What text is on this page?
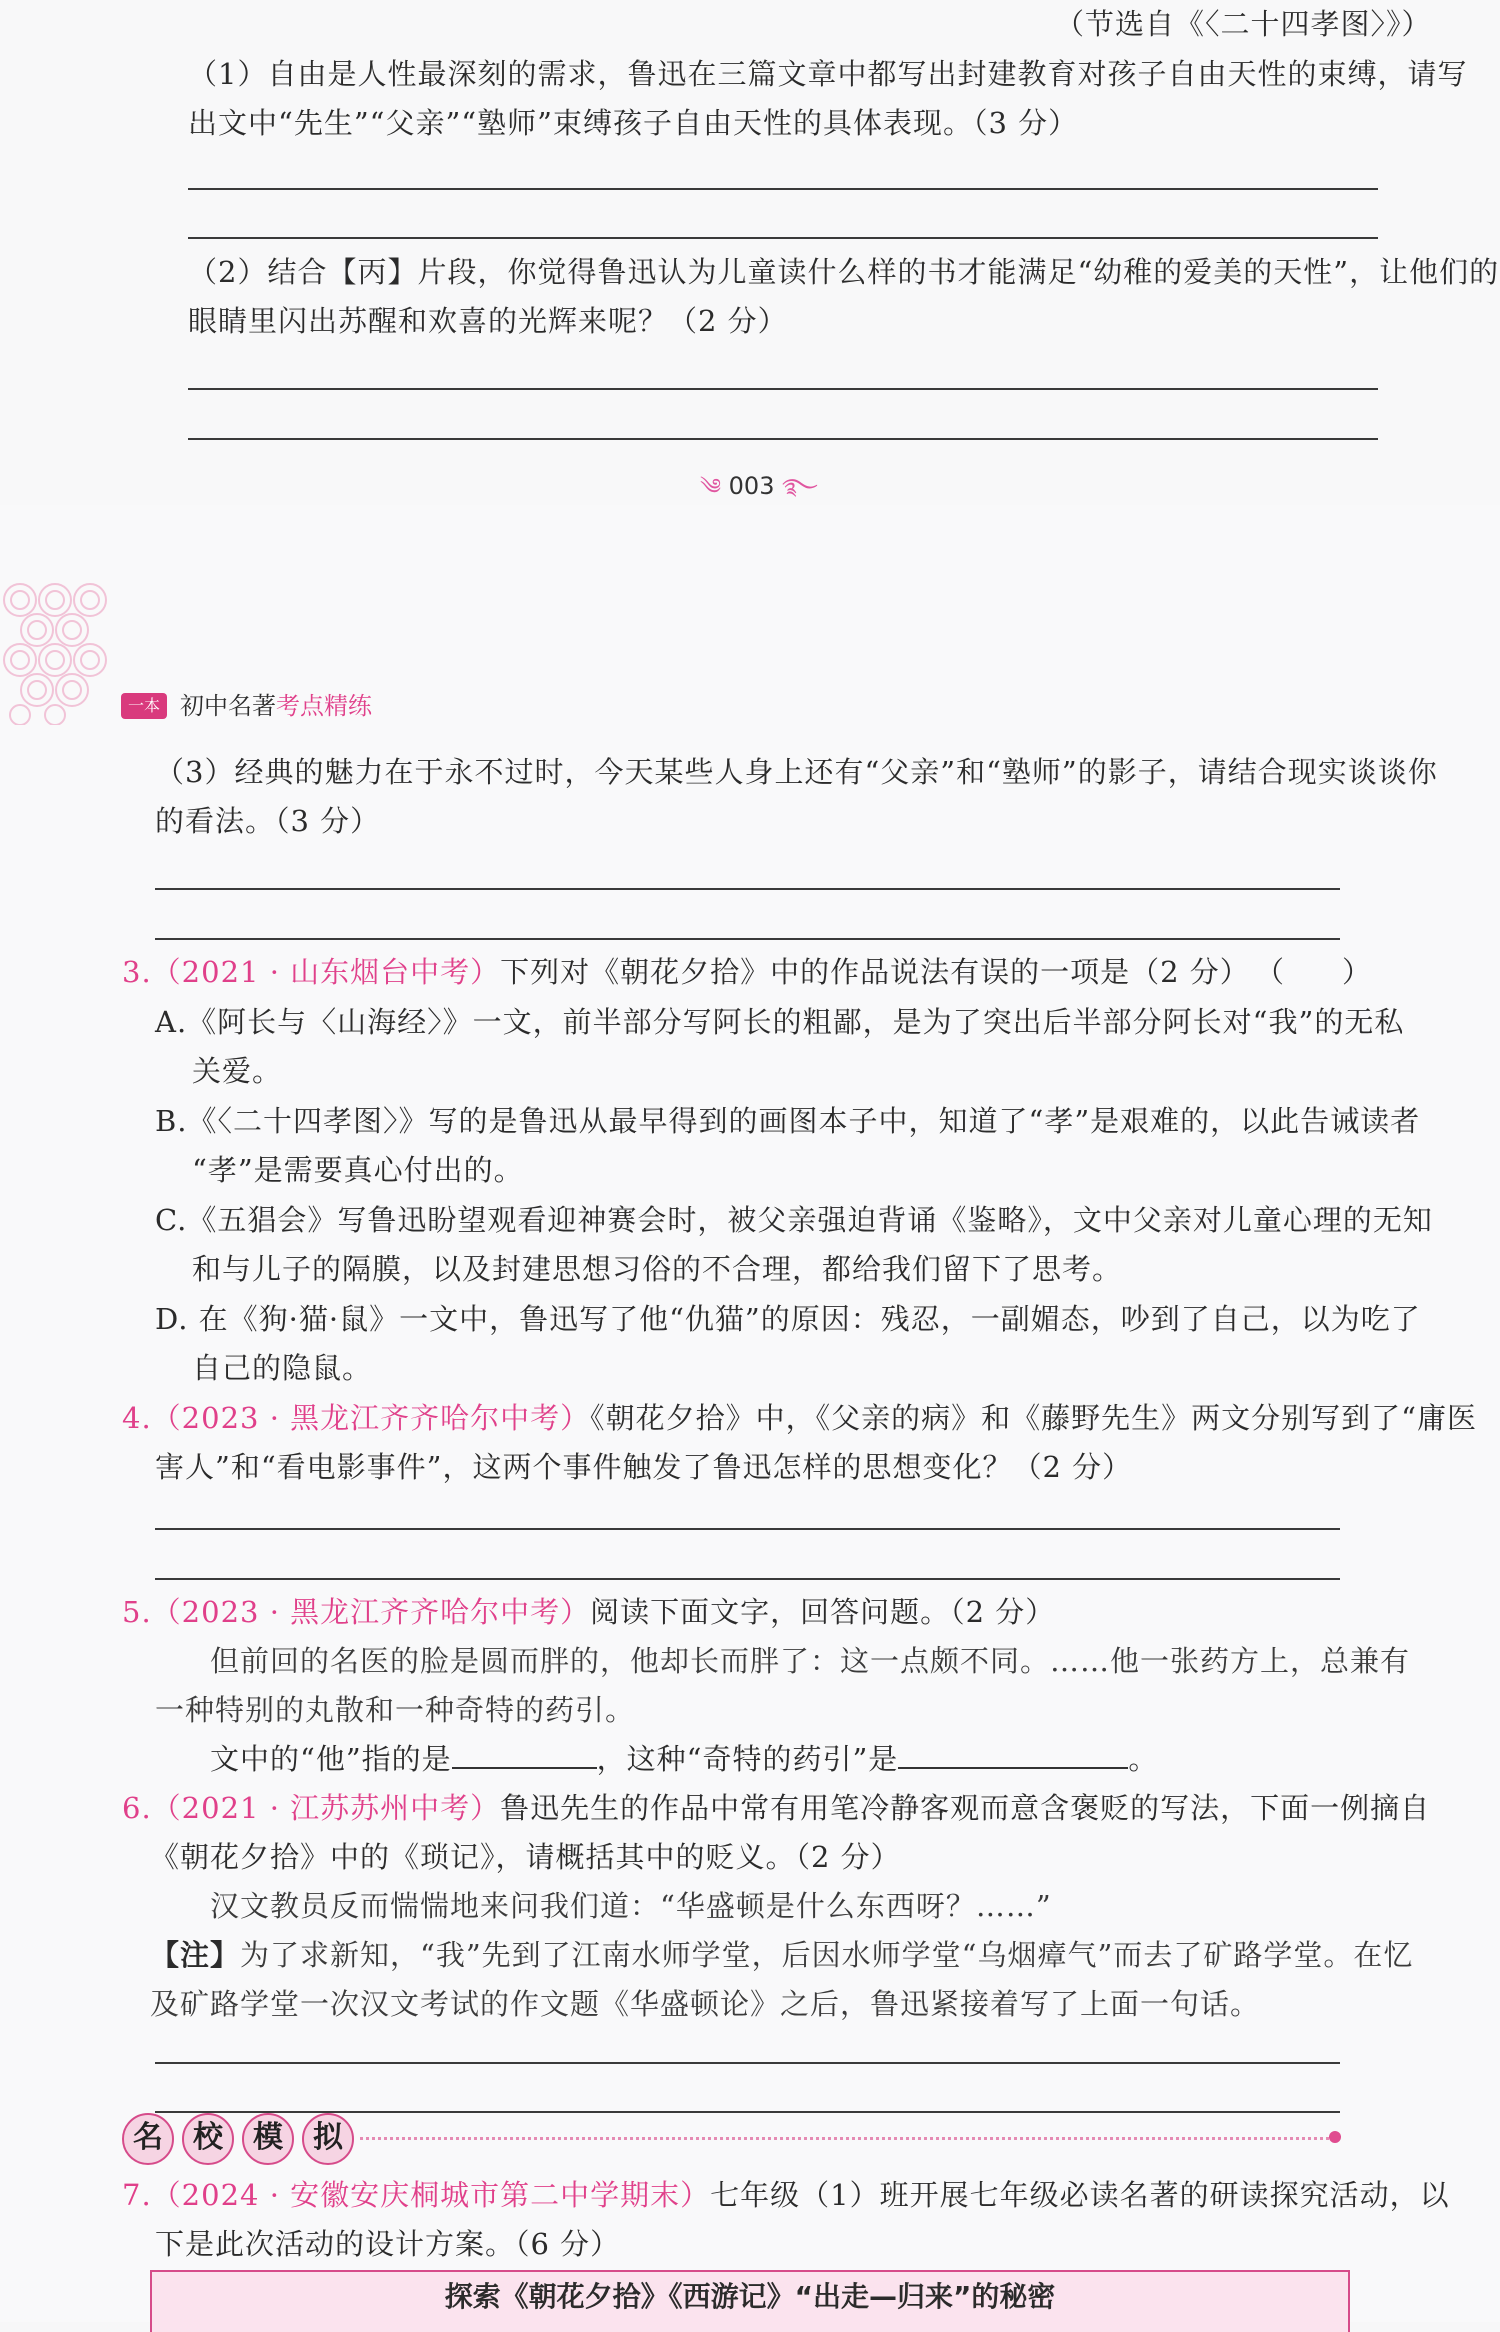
（节选自《〈二十四孝图〉》）
（1）自由是人性最深刻的需求，鲁迅在三篇文章中都写出封建教育对孩子自由天性的束缚，请写
出文中“先生”“父亲”“塾师”束缚孩子自由天性的具体表现。（3 分）
（2）结合【丙】片段，你觉得鲁迅认为儿童读什么样的书才能满足“幼稚的爱美的天性”，让他们的
眼睛里闪出苏醒和欢喜的光辉来呢？（2 分）
༄ 003 ࿐
一本 初中名著考点精练
（3）经典的魅力在于永不过时，今天某些人身上还有“父亲”和“塾师”的影子，请结合现实谈谈你
的看法。（3 分）
3.（2021 · 山东烟台中考）下列对《朝花夕拾》中的作品说法有误的一项是（2 分） （　　）
A.《阿长与〈山海经〉》一文，前半部分写阿长的粗鄙，是为了突出后半部分阿长对“我”的无私
关爱。
B.《〈二十四孝图〉》写的是鲁迅从最早得到的画图本子中，知道了“孝”是艰难的，以此告诫读者
“孝”是需要真心付出的。
C.《五猖会》写鲁迅盼望观看迎神赛会时，被父亲强迫背诵《鉴略》，文中父亲对儿童心理的无知
和与儿子的隔膜，以及封建思想习俗的不合理，都给我们留下了思考。
D. 在《狗·猫·鼠》一文中，鲁迅写了他“仇猫”的原因：残忍，一副媚态，吵到了自己，以为吃了
自己的隐鼠。
4.（2023 · 黑龙江齐齐哈尔中考）《朝花夕拾》中，《父亲的病》和《藤野先生》两文分别写到了“庸医
害人”和“看电影事件”，这两个事件触发了鲁迅怎样的思想变化？（2 分）
5.（2023 · 黑龙江齐齐哈尔中考）阅读下面文字，回答问题。（2 分）
但前回的名医的脸是圆而胖的，他却长而胖了：这一点颇不同。……他一张药方上，总兼有
一种特别的丸散和一种奇特的药引。
文中的“他”指的是	，这种“奇特的药引”是	。
6.（2021 · 江苏苏州中考）鲁迅先生的作品中常有用笔冷静客观而意含褒贬的写法，下面一例摘自
《朝花夕拾》中的《琐记》，请概括其中的贬义。（2 分）
汉文教员反而惴惴地来问我们道：“华盛顿是什么东西呀？……”
【注】为了求新知，“我”先到了江南水师学堂，后因水师学堂“乌烟瘴气”而去了矿路学堂。在忆
及矿路学堂一次汉文考试的作文题《华盛顿论》之后，鲁迅紧接着写了上面一句话。
名 校 模 拟
7.（2024 · 安徽安庆桐城市第二中学期末）七年级（1）班开展七年级必读名著的研读探究活动，以
下是此次活动的设计方案。（6 分）
探索《朝花夕拾》《西游记》“出走—归来”的秘密
